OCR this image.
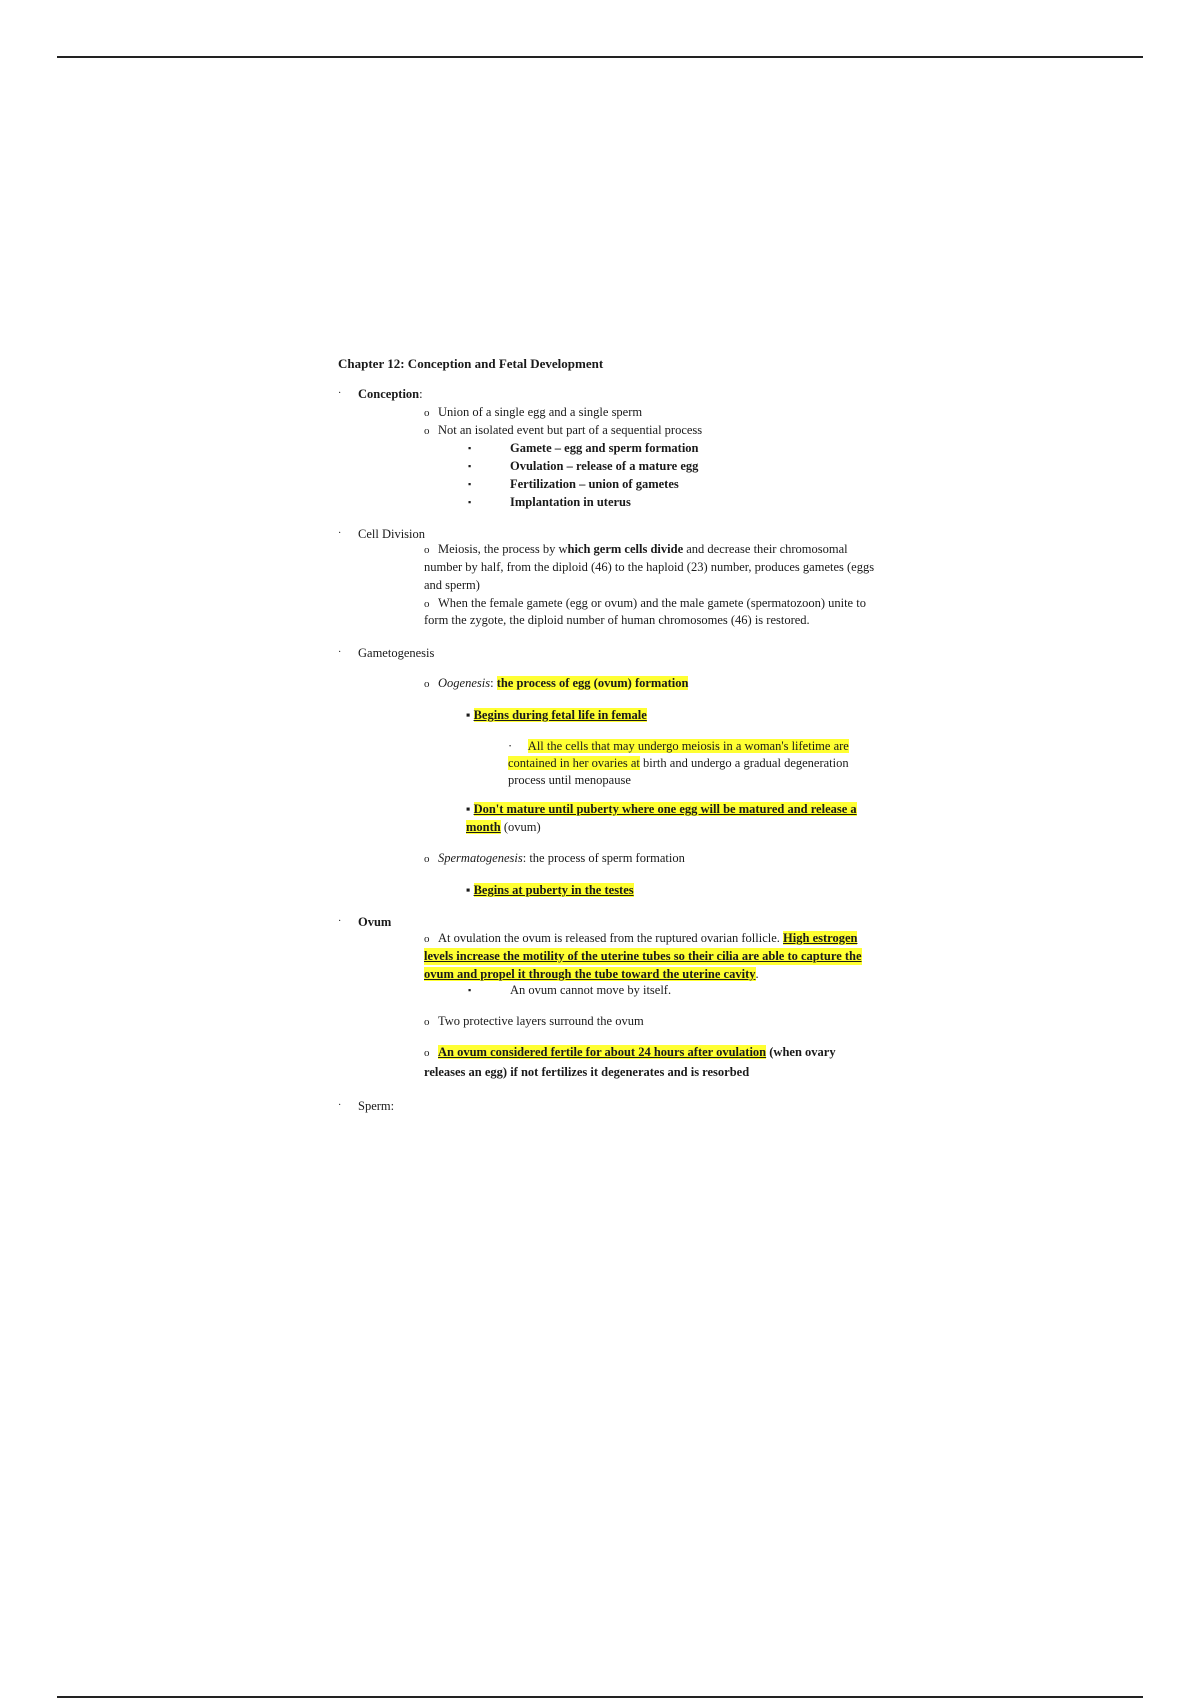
Chapter 12: Conception and Fetal Development
· Conception:
o Union of a single egg and a single sperm
o Not an isolated event but part of a sequential process
▪	Gamete – egg and sperm formation
▪	Ovulation – release of a mature egg
▪	Fertilization – union of gametes
▪	Implantation in uterus
· Cell Division
o Meiosis, the process by which germ cells divide and decrease their chromosomal
number by half, from the diploid (46) to the haploid (23) number, produces gametes (eggs
and sperm)
o When the female gamete (egg or ovum) and the male gamete (spermatozoon) unite to
form the zygote, the diploid number of human chromosomes (46) is restored.
· Gametogenesis
o Oogenesis: the process of egg (ovum) formation
▪ Begins during fetal life in female
· All the cells that may undergo meiosis in a woman's lifetime are
contained in her ovaries at birth and undergo a gradual degeneration
process until menopause
▪ Don't mature until puberty where one egg will be matured and release a
month (ovum)
o Spermatogenesis: the process of sperm formation
▪ Begins at puberty in the testes
· Ovum
o At ovulation the ovum is released from the ruptured ovarian follicle. High estrogen
levels increase the motility of the uterine tubes so their cilia are able to capture the
ovum and propel it through the tube toward the uterine cavity.
▪	An ovum cannot move by itself.
o Two protective layers surround the ovum
o An ovum considered fertile for about 24 hours after ovulation (when ovary
releases an egg) if not fertilizes it degenerates and is resorbed
· Sperm:
